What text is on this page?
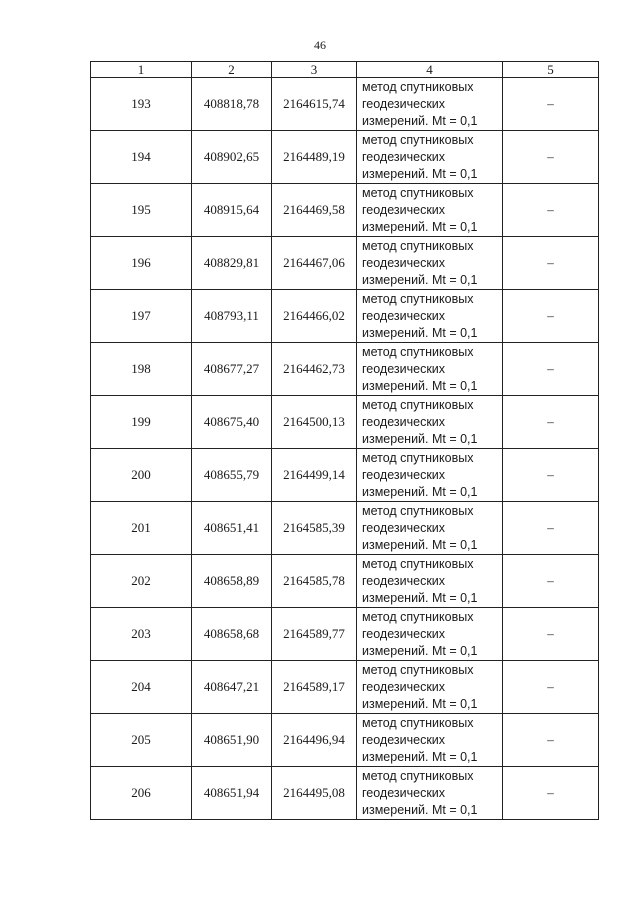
46
1	2	3	4	5
193	408818,78	2164615,74	метод спутниковых
геодезических
измерений. Mt = 0,1	–
194	408902,65	2164489,19	метод спутниковых
геодезических
измерений. Mt = 0,1	–
195	408915,64	2164469,58	метод спутниковых
геодезических
измерений. Mt = 0,1	–
196	408829,81	2164467,06	метод спутниковых
геодезических
измерений. Mt = 0,1	–
197	408793,11	2164466,02	метод спутниковых
геодезических
измерений. Mt = 0,1	–
198	408677,27	2164462,73	метод спутниковых
геодезических
измерений. Mt = 0,1	–
199	408675,40	2164500,13	метод спутниковых
геодезических
измерений. Mt = 0,1	–
200	408655,79	2164499,14	метод спутниковых
геодезических
измерений. Mt = 0,1	–
201	408651,41	2164585,39	метод спутниковых
геодезических
измерений. Mt = 0,1	–
202	408658,89	2164585,78	метод спутниковых
геодезических
измерений. Mt = 0,1	–
203	408658,68	2164589,77	метод спутниковых
геодезических
измерений. Mt = 0,1	–
204	408647,21	2164589,17	метод спутниковых
геодезических
измерений. Mt = 0,1	–
205	408651,90	2164496,94	метод спутниковых
геодезических
измерений. Mt = 0,1	–
206	408651,94	2164495,08	метод спутниковых
геодезических
измерений. Mt = 0,1	–
